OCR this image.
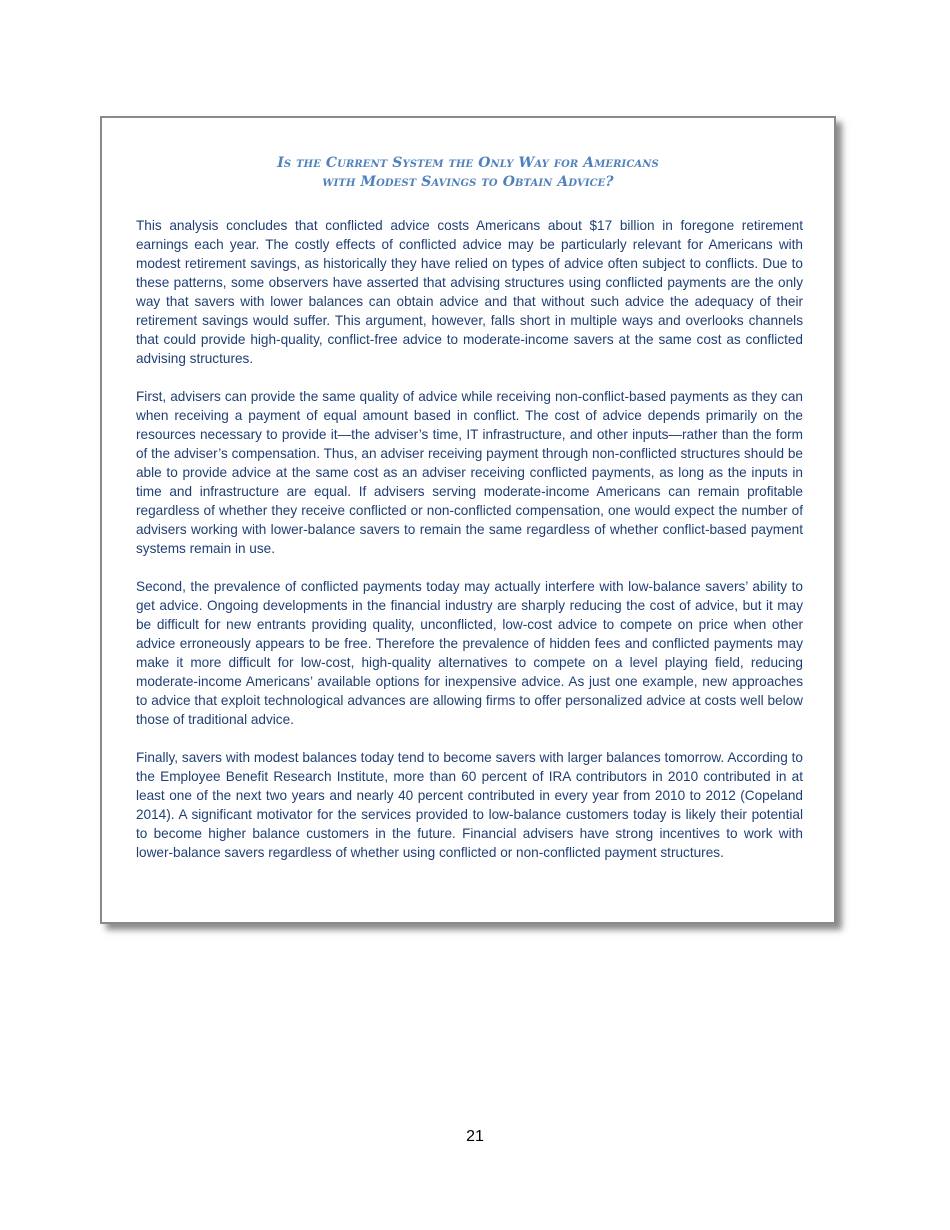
Is the Current System the Only Way for Americans
with Modest Savings to Obtain Advice?

This analysis concludes that conflicted advice costs Americans about $17 billion in foregone retirement earnings each year. The costly effects of conflicted advice may be particularly relevant for Americans with modest retirement savings, as historically they have relied on types of advice often subject to conflicts. Due to these patterns, some observers have asserted that advising structures using conflicted payments are the only way that savers with lower balances can obtain advice and that without such advice the adequacy of their retirement savings would suffer. This argument, however, falls short in multiple ways and overlooks channels that could provide high-quality, conflict-free advice to moderate-income savers at the same cost as conflicted advising structures.

First, advisers can provide the same quality of advice while receiving non-conflict-based payments as they can when receiving a payment of equal amount based in conflict. The cost of advice depends primarily on the resources necessary to provide it—the adviser’s time, IT infrastructure, and other inputs—rather than the form of the adviser’s compensation. Thus, an adviser receiving payment through non-conflicted structures should be able to provide advice at the same cost as an adviser receiving conflicted payments, as long as the inputs in time and infrastructure are equal. If advisers serving moderate-income Americans can remain profitable regardless of whether they receive conflicted or non-conflicted compensation, one would expect the number of advisers working with lower-balance savers to remain the same regardless of whether conflict-based payment systems remain in use.

Second, the prevalence of conflicted payments today may actually interfere with low-balance savers’ ability to get advice. Ongoing developments in the financial industry are sharply reducing the cost of advice, but it may be difficult for new entrants providing quality, unconflicted, low-cost advice to compete on price when other advice erroneously appears to be free. Therefore the prevalence of hidden fees and conflicted payments may make it more difficult for low-cost, high-quality alternatives to compete on a level playing field, reducing moderate-income Americans’ available options for inexpensive advice. As just one example, new approaches to advice that exploit technological advances are allowing firms to offer personalized advice at costs well below those of traditional advice.

Finally, savers with modest balances today tend to become savers with larger balances tomorrow. According to the Employee Benefit Research Institute, more than 60 percent of IRA contributors in 2010 contributed in at least one of the next two years and nearly 40 percent contributed in every year from 2010 to 2012 (Copeland 2014). A significant motivator for the services provided to low-balance customers today is likely their potential to become higher balance customers in the future. Financial advisers have strong incentives to work with lower-balance savers regardless of whether using conflicted or non-conflicted payment structures.

21
